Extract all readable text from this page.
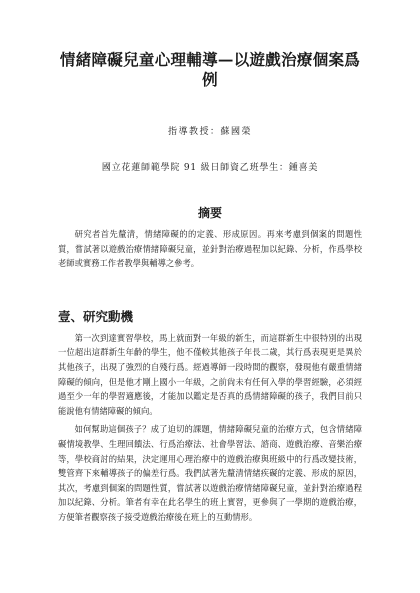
情緒障礙兒童心理輔導—以遊戲治療個案爲例
指導教授：蘇國榮
國立花蓮師範學院 91 級日師資乙班學生：鍾喜美
摘要

研究者首先釐清，情緒障礙的的定義、形成原因。再來考慮到個案的問題性質，嘗試著以遊戲治療情緒障礙兒童，並針對治療過程加以紀錄、分析，作爲學校老師或實務工作者教學與輔導之參考。

壹、研究動機

第一次到達實習學校，馬上就面對一年級的新生，而這群新生中很特別的出現一位超出這群新生年齡的學生，他不僅較其他孩子年長二歲，其行爲表現更是異於其他孩子，出現了強烈的自殘行爲。經過導師一段時間的觀察，發現他有嚴重情緒障礙的傾向，但是他才剛上國小一年級，之前尙未有任何入學的學習經驗，必須經過至少一年的學習適應後，才能加以鑑定是否真的爲情緒障礙的孩子，我們目前只能說他有情緒障礙的傾向。

如何幫助這個孩子？成了迫切的課題，情緒障礙兒童的治療方式，包含情緒障礙情境教學、生理回饋法、行爲治療法、社會學習法、諮商、遊戲治療、音樂治療等，學校商討的結果，決定運用心理治療中的遊戲治療與班級中的行爲改變技術，雙管齊下來輔導孩子的偏差行爲。我們試著先釐清情緒疾礙的定義、形成的原因，其次，考慮到個案的問題性質，嘗試著以遊戲治療情緒障礙兒童，並針對治療過程加以紀錄、分析。筆者有幸在此名學生的班上實習，更參與了一學期的遊戲治療，方便筆者觀察孩子接受遊戲治療後在班上的互動情形。
